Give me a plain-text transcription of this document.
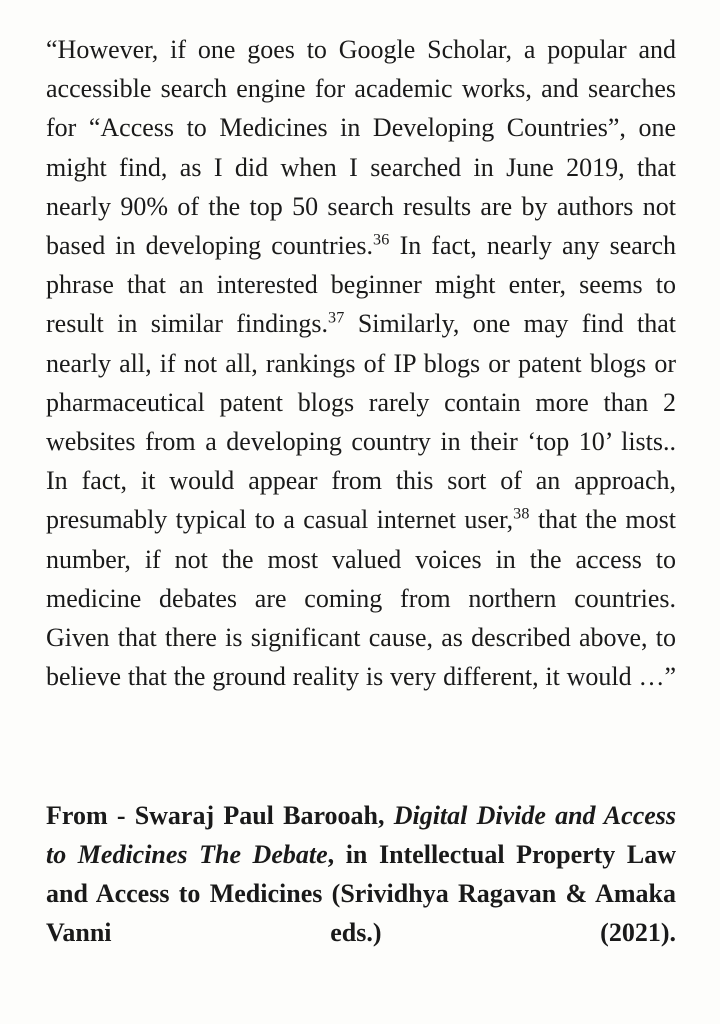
“However, if one goes to Google Scholar, a popular and accessible search engine for academic works, and searches for “Access to Medicines in Developing Countries”, one might find, as I did when I searched in June 2019, that nearly 90% of the top 50 search results are by authors not based in developing countries.$^{36}$ In fact, nearly any search phrase that an interested beginner might enter, seems to result in similar findings.$^{37}$ Similarly, one may find that nearly all, if not all, rankings of IP blogs or patent blogs or pharmaceutical patent blogs rarely contain more than 2 websites from a developing country in their ‘top 10’ lists.. In fact, it would appear from this sort of an approach, presumably typical to a casual internet user,$^{38}$ that the most number, if not the most valued voices in the access to medicine debates are coming from northern countries. Given that there is significant cause, as described above, to believe that the ground reality is very different, it would …”

From - Swaraj Paul Barooah, Digital Divide and Access to Medicines The Debate, in Intellectual Property Law and Access to Medicines (Srividhya Ragavan & Amaka Vanni eds.) (2021).
